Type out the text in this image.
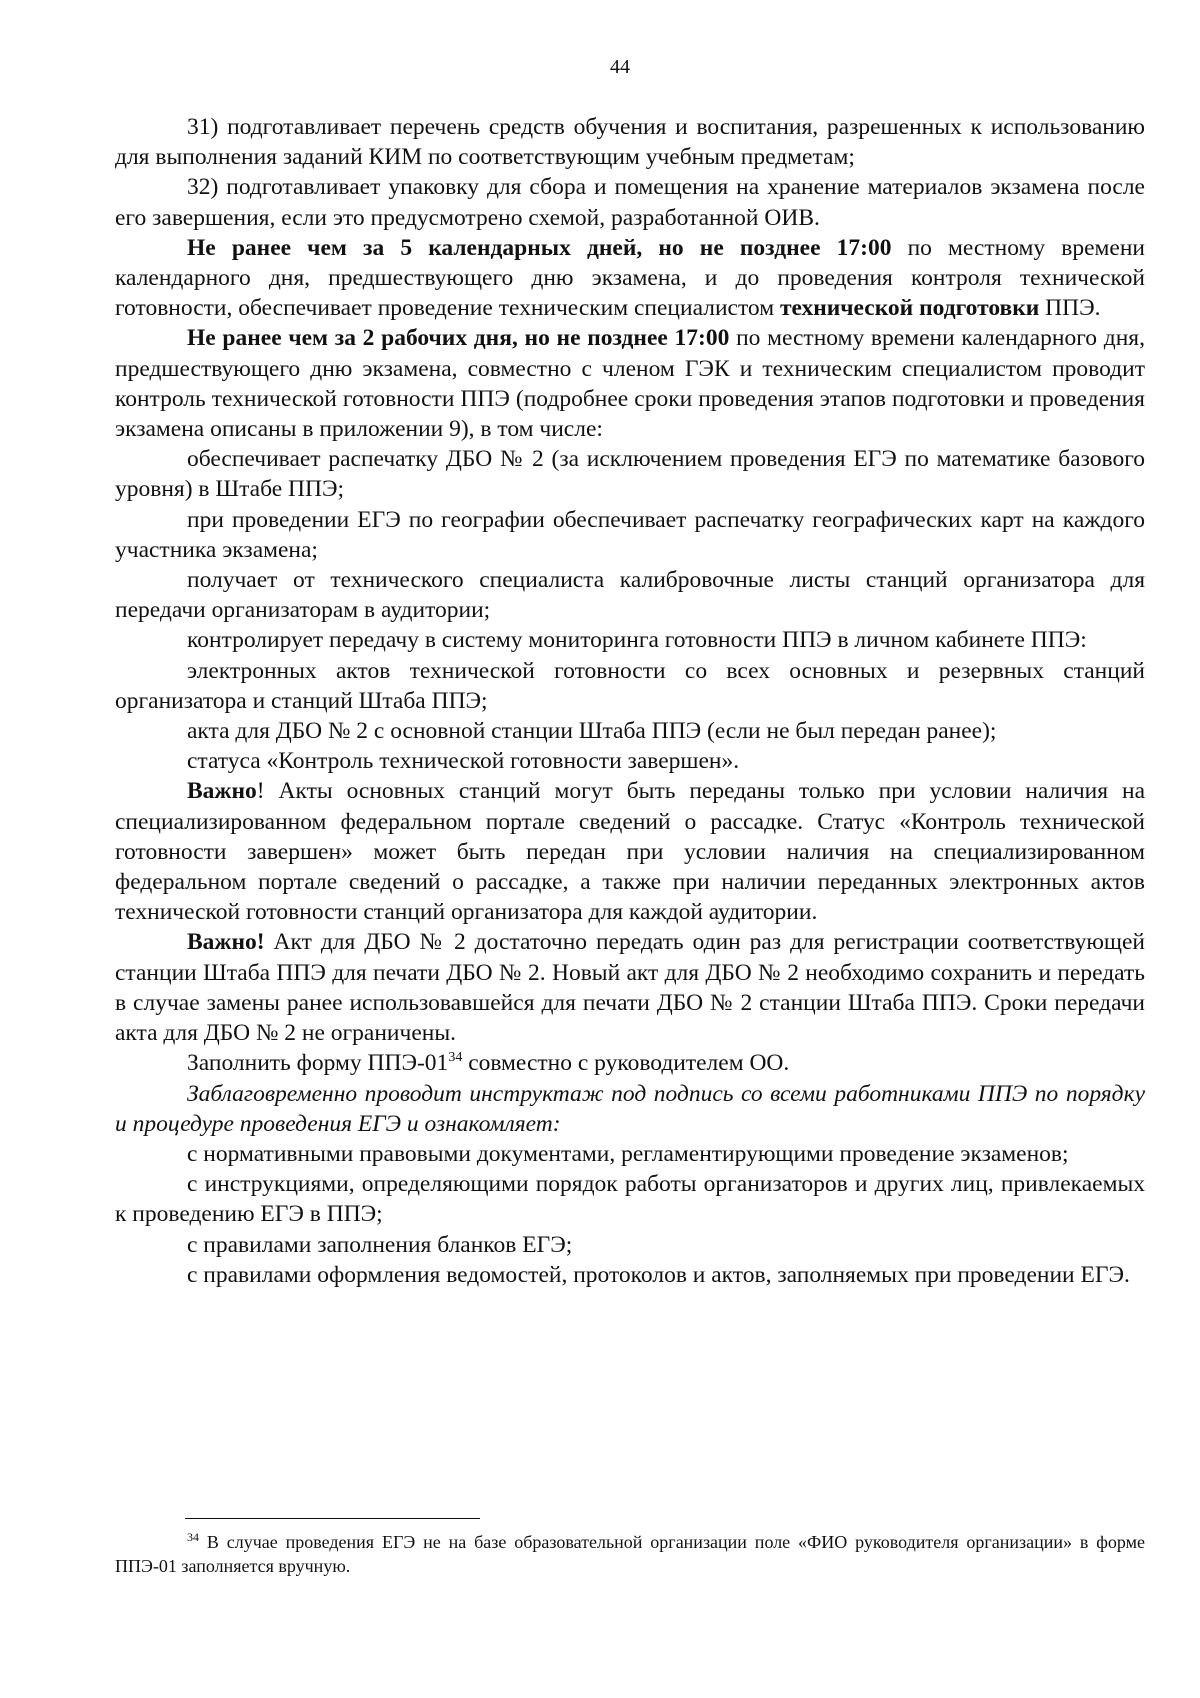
44

31) подготавливает перечень средств обучения и воспитания, разрешенных к использованию для выполнения заданий КИМ по соответствующим учебным предметам;

32) подготавливает упаковку для сбора и помещения на хранение материалов экзамена после его завершения, если это предусмотрено схемой, разработанной ОИВ.

Не ранее чем за 5 календарных дней, но не позднее 17:00 по местному времени календарного дня, предшествующего дню экзамена, и до проведения контроля технической готовности, обеспечивает проведение техническим специалистом технической подготовки ППЭ.

Не ранее чем за 2 рабочих дня, но не позднее 17:00 по местному времени календарного дня, предшествующего дню экзамена, совместно с членом ГЭК и техническим специалистом проводит контроль технической готовности ППЭ (подробнее сроки проведения этапов подготовки и проведения экзамена описаны в приложении 9), в том числе:

обеспечивает распечатку ДБО № 2 (за исключением проведения ЕГЭ по математике базового уровня) в Штабе ППЭ;

при проведении ЕГЭ по географии обеспечивает распечатку географических карт на каждого участника экзамена;

получает от технического специалиста калибровочные листы станций организатора для передачи организаторам в аудитории;

контролирует передачу в систему мониторинга готовности ППЭ в личном кабинете ППЭ:

электронных актов технической готовности со всех основных и резервных станций организатора и станций Штаба ППЭ;

акта для ДБО № 2 с основной станции Штаба ППЭ (если не был передан ранее);

статуса «Контроль технической готовности завершен».

Важно! Акты основных станций могут быть переданы только при условии наличия на специализированном федеральном портале сведений о рассадке. Статус «Контроль технической готовности завершен» может быть передан при условии наличия на специализированном федеральном портале сведений о рассадке, а также при наличии переданных электронных актов технической готовности станций организатора для каждой аудитории.

Важно! Акт для ДБО № 2 достаточно передать один раз для регистрации соответствующей станции Штаба ППЭ для печати ДБО № 2. Новый акт для ДБО № 2 необходимо сохранить и передать в случае замены ранее использовавшейся для печати ДБО № 2 станции Штаба ППЭ. Сроки передачи акта для ДБО № 2 не ограничены.

Заполнить форму ППЭ-01$^{34}$ совместно с руководителем ОО.

Заблаговременно проводит инструктаж под подпись со всеми работниками ППЭ по порядку и процедуре проведения ЕГЭ и ознакомляет:

с нормативными правовыми документами, регламентирующими проведение экзаменов;

с инструкциями, определяющими порядок работы организаторов и других лиц, привлекаемых к проведению ЕГЭ в ППЭ;

с правилами заполнения бланков ЕГЭ;

с правилами оформления ведомостей, протоколов и актов, заполняемых при проведении ЕГЭ.

$^{34}$ В случае проведения ЕГЭ не на базе образовательной организации поле «ФИО руководителя организации» в форме ППЭ-01 заполняется вручную.
